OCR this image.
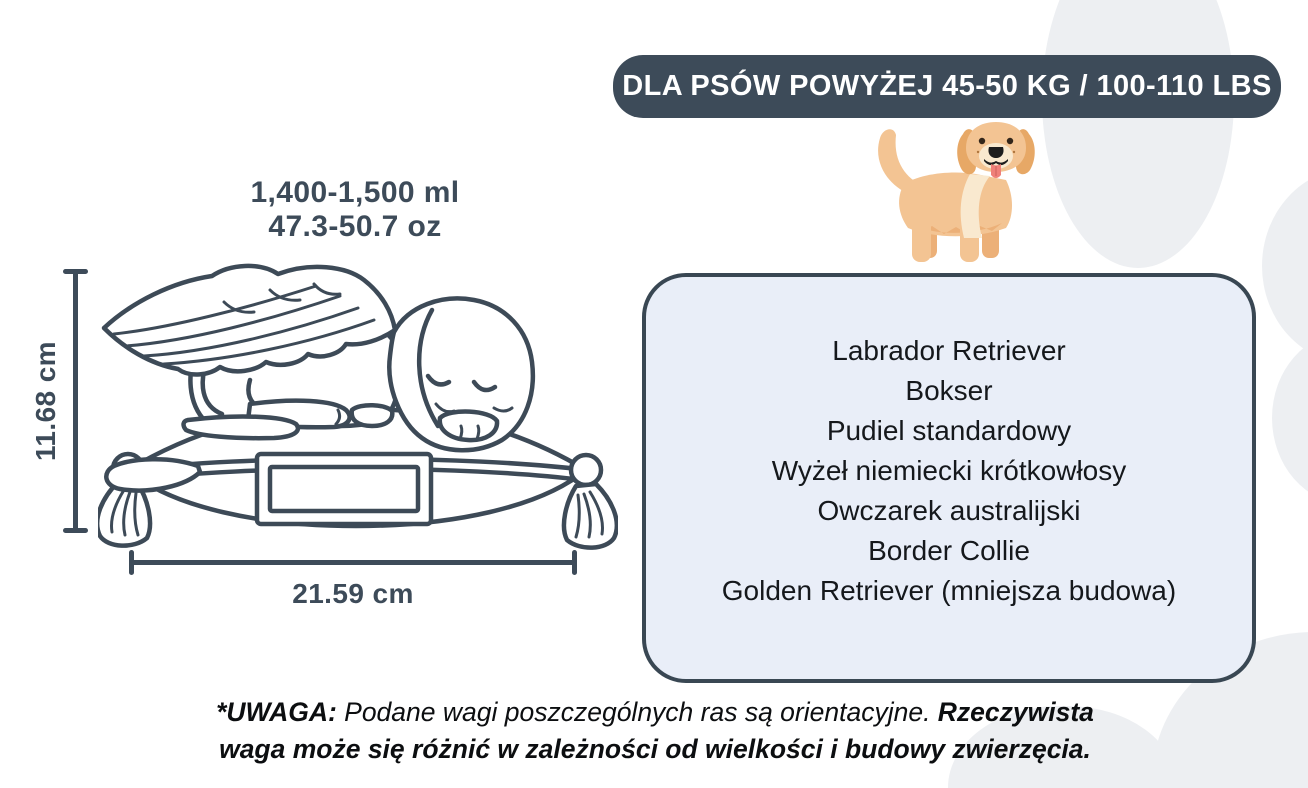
DLA PSÓW POWYŻEJ 45-50 KG / 100-110 LBS
1,400-1,500 ml
47.3-50.7 oz
11.68 cm
21.59 cm
Labrador Retriever
Bokser
Pudiel standardowy
Wyżeł niemiecki krótkowłosy
Owczarek australijski
Border Collie
Golden Retriever (mniejsza budowa)
*UWAGA: Podane wagi poszczególnych ras są orientacyjne. Rzeczywista
waga może się różnić w zależności od wielkości i budowy zwierzęcia.
